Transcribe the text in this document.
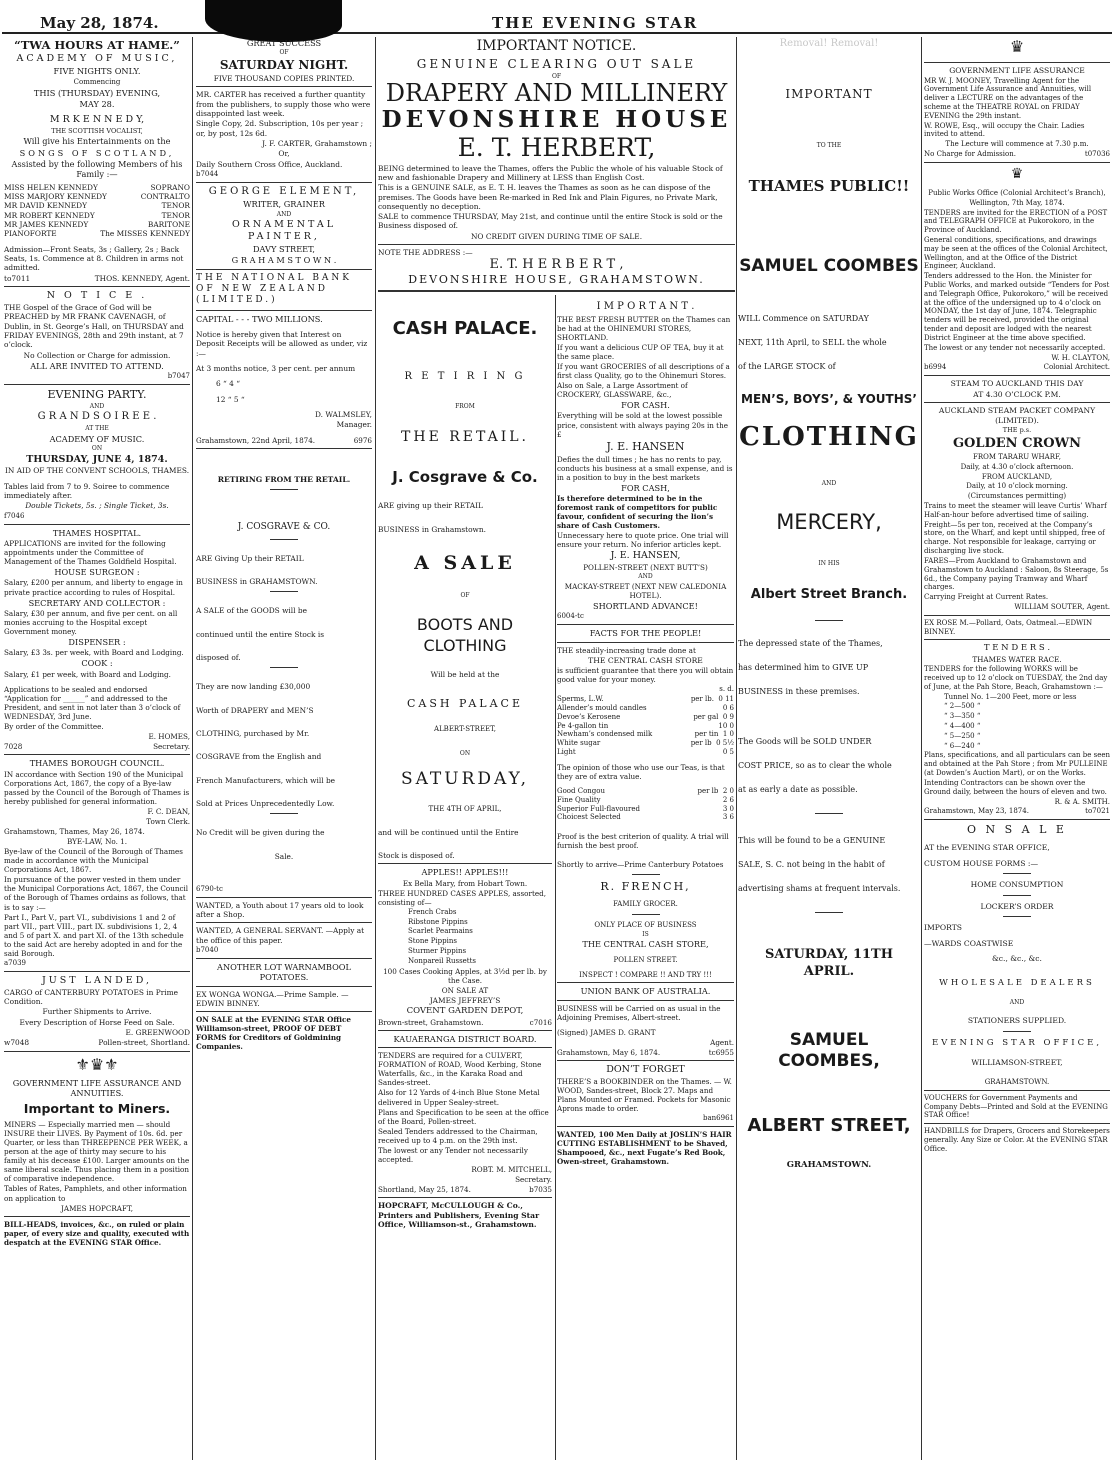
May 28, 1874.	THE EVENING STAR

“TWA HOURS AT HAME.”

ACADEMY OF MUSIC,

FIVE NIGHTS ONLY.

Commencing

THIS (THURSDAY) EVENING,

MAY 28.

M R K E N N E D Y,

THE SCOTTISH VOCALIST,

Will give his Entertainments on the

SONGS OF SCOTLAND,

Assisted by the following Members of his Family :—

MISS HELEN KENNEDY	SOPRANO
MISS MARJORY KENNEDY	CONTRALTO
MR DAVID KENNEDY	TENOR
MR ROBERT KENNEDY	TENOR
MR JAMES KENNEDY	BARITONE
PIANOFORTE	The MISSES KENNEDY

Admission—Front Seats, 3s ; Gallery, 2s ; Back Seats, 1s. Commence at 8. Children in arms not admitted.

to7011	THOS. KENNEDY, Agent.

N O T I C E .

THE Gospel of the Grace of God will be PREACHED by MR FRANK CAVENAGH, of Dublin, in St. George’s Hall, on THURSDAY and FRIDAY EVENINGS, 28th and 29th instant, at 7 o’clock.

No Collection or Charge for admission.

ALL ARE INVITED TO ATTEND.

b7047

EVENING PARTY.

AND

G R A N D S O I R E E .

AT THE

ACADEMY OF MUSIC.

ON

THURSDAY, JUNE 4, 1874.

IN AID OF THE CONVENT SCHOOLS, THAMES.

Tables laid from 7 to 9. Soiree to commence immediately after.

Double Tickets, 5s. ; Single Ticket, 3s.

f7046

THAMES HOSPITAL.

APPLICATIONS are invited for the following appointments under the Committee of Management of the Thames Goldfield Hospital.

HOUSE SURGEON :

Salary, £200 per annum, and liberty to engage in private practice according to rules of Hospital.

SECRETARY AND COLLECTOR :

Salary, £30 per annum, and five per cent. on all monies accruing to the Hospital except Government money.

DISPENSER :

Salary, £3 3s. per week, with Board and Lodging.

COOK :

Salary, £1 per week, with Board and Lodging.

Applications to be sealed and endorsed “Application for ______” and addressed to the President, and sent in not later than 3 o’clock of WEDNESDAY, 3rd June.

By order of the Committee.

E. HOMES,

7028	Secretary.

THAMES BOROUGH COUNCIL.

IN accordance with Section 190 of the Municipal Corporations Act, 1867, the copy of a Bye-law passed by the Council of the Borough of Thames is hereby published for general information.

F. C. DEAN,

Town Clerk.

Grahamstown, Thames, May 26, 1874.

BYE-LAW, No. 1.

Bye-law of the Council of the Borough of Thames made in accordance with the Municipal Corporations Act, 1867.

In pursuance of the power vested in them under the Municipal Corporations Act, 1867, the Council of the Borough of Thames ordains as follows, that is to say :—

Part I., Part V., part VI., subdivisions 1 and 2 of part VII., part VIII., part IX. subdivisions 1, 2, 4 and 5 of part X. and part XI. of the 13th schedule to the said Act are hereby adopted in and for the said Borough.

a7039

JUST LANDED,

CARGO of CANTERBURY POTATOES in Prime Condition.

Further Shipments to Arrive.

Every Description of Horse Feed on Sale.

E. GREENWOOD

w7048	Pollen-street, Shortland.
⚜♛⚜

GOVERNMENT LIFE ASSURANCE AND ANNUITIES.

Important to Miners.

MINERS — Especially married men — should INSURE their LIVES. By Payment of 10s. 6d. per Quarter, or less than THREEPENCE PER WEEK, a person at the age of thirty may secure to his family at his decease £100. Larger amounts on the same liberal scale. Thus placing them in a position of comparative independence.

Tables of Rates, Pamphlets, and other information on application to

JAMES HOPCRAFT,

BILL-HEADS, invoices, &c., on ruled or plain paper, of every size and quality, executed with despatch at the EVENING STAR Office.

GREAT SUCCESS

OF

SATURDAY NIGHT.

FIVE THOUSAND COPIES PRINTED.

MR. CARTER has received a further quantity from the publishers, to supply those who were disappointed last week.

Single Copy, 2d. Subscription, 10s per year ; or, by post, 12s 6d.

J. F. CARTER, Grahamstown ;

Or,

Daily Southern Cross Office, Auckland.

b7044

GEORGE ELEMENT,

WRITER, GRAINER

AND

ORNAMENTAL PAINTER,

DAVY STREET,

G R A H A M S T O W N .

THE NATIONAL BANK OF NEW ZEALAND (LIMITED.)

CAPITAL - - - TWO MILLIONS.

Notice is hereby given that Interest on Deposit Receipts will be allowed as under, viz :—

At 3 months notice, 3 per cent. per annum

6 “ 4 “

12 “ 5 “

D. WALMSLEY,

Manager.

Grahamstown, 22nd April, 1874.	6976

RETIRING FROM THE RETAIL.

J. COSGRAVE & CO.

ARE Giving Up their RETAIL

BUSINESS in GRAHAMSTOWN.

A SALE of the GOODS will be

continued until the entire Stock is

disposed of.

They are now landing £30,000

Worth of DRAPERY and MEN’S

CLOTHING, purchased by Mr.

COSGRAVE from the English and

French Manufacturers, which will be

Sold at Prices Unprecedentedly Low.

No Credit will be given during the

Sale.

6790-tc

WANTED, a Youth about 17 years old to look after a Shop.

WANTED, A GENERAL SERVANT. —Apply at the office of this paper.

b7040

ANOTHER LOT WARNAMBOOL POTATOES.

EX WONGA WONGA.—Prime Sample. —EDWIN BINNEY.

ON SALE at the EVENING STAR Office Williamson-street, PROOF OF DEBT FORMS for Creditors of Goldmining Companies.

IMPORTANT NOTICE.

GENUINE CLEARING OUT SALE

OF

DRAPERY AND MILLINERY

DEVONSHIRE HOUSE

E. T. HERBERT,

BEING determined to leave the Thames, offers the Public the whole of his valuable Stock of new and fashionable Drapery and Millinery at LESS than English Cost.

This is a GENUINE SALE, as E. T. H. leaves the Thames as soon as he can dispose of the premises. The Goods have been Re-marked in Red Ink and Plain Figures, no Private Mark, consequently no deception.

SALE to commence THURSDAY, May 21st, and continue until the entire Stock is sold or the Business disposed of.

NO CREDIT GIVEN DURING TIME OF SALE.

NOTE THE ADDRESS :—

E. T. H E R B E R T ,

DEVONSHIRE HOUSE, GRAHAMSTOWN.

CASH PALACE.

R E T I R I N G

FROM

THE RETAIL.

J. Cosgrave & Co.

ARE giving up their RETAIL

BUSINESS in Grahamstown.

A SALE

OF

BOOTS AND CLOTHING

Will be held at the

CASH PALACE

ALBERT-STREET,

ON

SATURDAY,

THE 4TH OF APRIL,

and will be continued until the Entire

Stock is disposed of.

APPLES!! APPLES!!!

Ex Bella Mary, from Hobart Town.

THREE HUNDRED CASES APPLES, assorted, consisting of—

French Crabs

Ribstone Pippins

Scarlet Pearmains

Stone Pippins

Sturmer Pippins

Nonpareil Russetts

100 Cases Cooking Apples, at 3½d per lb. by the Case.

ON SALE AT

JAMES JEFFREY’S

COVENT GARDEN DEPOT,

Brown-street, Grahamstown.	c7016

KAUAERANGA DISTRICT BOARD.

TENDERS are required for a CULVERT, FORMATION of ROAD, Wood Kerbing, Stone Waterfalls, &c., in the Karaka Road and Sandes-street.

Also for 12 Yards of 4-inch Blue Stone Metal delivered in Upper Sealey-street.

Plans and Specification to be seen at the office of the Board, Pollen-street.

Sealed Tenders addressed to the Chairman, received up to 4 p.m. on the 29th inst.

The lowest or any Tender not necessarily accepted.

ROBT. M. MITCHELL,

Secretary.

Shortland, May 25, 1874.	b7035

HOPCRAFT, McCULLOUGH & Co., Printers and Publishers, Evening Star Office, Williamson-st., Grahamstown.

I M P O R T A N T .

THE BEST FRESH BUTTER on the Thames can be had at the OHINEMURI STORES, SHORTLAND.

If you want a delicious CUP OF TEA, buy it at the same place.

If you want GROCERIES of all descriptions of a first class Quality, go to the Ohinemuri Stores.

Also on Sale, a Large Assortment of CROCKERY, GLASSWARE, &c.,

FOR CASH.

Everything will be sold at the lowest possible price, consistent with always paying 20s in the £

J. E. HANSEN

Defies the dull times ; he has no rents to pay, conducts his business at a small expense, and is in a position to buy in the best markets

FOR CASH,

Is therefore determined to be in the foremost rank of competitors for public favour, confident of securing the lion’s share of Cash Customers.

Unnecessary here to quote price. One trial will ensure your return. No inferior articles kept.

J. E. HANSEN,

POLLEN-STREET (NEXT BUTT’S)

AND

MACKAY-STREET (NEXT NEW CALEDONIA HOTEL).

SHORTLAND ADVANCE!

6004-tc

FACTS FOR THE PEOPLE!

THE steadily-increasing trade done at

THE CENTRAL CASH STORE

is sufficient guarantee that there you will obtain good value for your money.

s. d.

Sperms, L.W.	per lb. 0 11
Allender’s mould candles	0 6
Devoe’s Kerosene	per gal 0 9
Pe 4-gallon tin	10 0
Newham’s condensed milk	per tin 1 0
White sugar	per lb 0 5½
Light	0 5

The opinion of those who use our Teas, is that they are of extra value.

Good Congou	per lb 2 0
Fine Quality	2 6
Superior Full-flavoured	3 0
Choicest Selected	3 6

Proof is the best criterion of quality. A trial will furnish the best proof.

Shortly to arrive—Prime Canterbury Potatoes

R. FRENCH,

FAMILY GROCER.

ONLY PLACE OF BUSINESS

IS

THE CENTRAL CASH STORE,

POLLEN STREET.

INSPECT ! COMPARE !! AND TRY !!!

UNION BANK OF AUSTRALIA.

BUSINESS will be Carried on as usual in the Adjoining Premises, Albert-street.

(Signed) JAMES D. GRANT

Agent.

Grahamstown, May 6, 1874.	tc6955

DON’T FORGET

THERE’S a BOOKBINDER on the Thames. — W. WOOD, Sandes-street, Block 27. Maps and Plans Mounted or Framed. Pockets for Masonic Aprons made to order.

ban6961

WANTED, 100 Men Daily at JOSLIN’S HAIR CUTTING ESTABLISHMENT to be Shaved, Shampooed, &c., next Fugate’s Red Book, Owen-street, Grahamstown.

Removal! Removal!

IMPORTANT

TO THE

THAMES PUBLIC!!

SAMUEL COOMBES

WILL Commence on SATURDAY

NEXT, 11th April, to SELL the whole

of the LARGE STOCK of

MEN’S, BOYS’, & YOUTHS’

CLOTHING

AND

MERCERY,

IN HIS

Albert Street Branch.

The depressed state of the Thames,

has determined him to GIVE UP

BUSINESS in these premises.

The Goods will be SOLD UNDER

COST PRICE, so as to clear the whole

at as early a date as possible.

This will be found to be a GENUINE

SALE, S. C. not being in the habit of

advertising shams at frequent intervals.

SATURDAY, 11TH APRIL.

SAMUEL COOMBES,

ALBERT STREET,

GRAHAMSTOWN.

♛

GOVERNMENT LIFE ASSURANCE

MR W. J. MOONEY, Travelling Agent for the Government Life Assurance and Annuities, will deliver a LECTURE on the advantages of the scheme at the THEATRE ROYAL on FRIDAY EVENING the 29th instant.

W. ROWE, Esq., will occupy the Chair. Ladies invited to attend.

The Lecture will commence at 7.30 p.m.

No Charge for Admission.	t07036
♛

Public Works Office (Colonial Architect’s Branch),

Wellington, 7th May, 1874.

TENDERS are invited for the ERECTION of a POST and TELEGRAPH OFFICE at Pukorokoro, in the Province of Auckland.

General conditions, specifications, and drawings may be seen at the offices of the Colonial Architect, Wellington, and at the Office of the District Engineer, Auckland.

Tenders addressed to the Hon. the Minister for Public Works, and marked outside “Tenders for Post and Telegraph Office, Pukorokoro,” will be received at the office of the undersigned up to 4 o’clock on MONDAY, the 1st day of June, 1874. Telegraphic tenders will be received, provided the original tender and deposit are lodged with the nearest District Engineer at the time above specified.

The lowest or any tender not necessarily accepted.

W. H. CLAYTON,

b6994	Colonial Architect.

STEAM TO AUCKLAND THIS DAY

AT 4.30 O’CLOCK P.M.

AUCKLAND STEAM PACKET COMPANY (LIMITED).

THE p.s.

GOLDEN CROWN

FROM TARARU WHARF,

Daily, at 4.30 o’clock afternoon.

FROM AUCKLAND,

Daily, at 10 o’clock morning.

(Circumstances permitting)

Trains to meet the steamer will leave Curtis’ Wharf Half-an-hour before advertised time of sailing.

Freight—5s per ton, received at the Company’s store, on the Wharf, and kept until shipped, free of charge. Not responsible for leakage, carrying or discharging live stock.

FARES—From Auckland to Grahamstown and Grahamstown to Auckland : Saloon, 8s Steerage, 5s 6d., the Company paying Tramway and Wharf charges.

Carrying Freight at Current Rates.

WILLIAM SOUTER, Agent.

EX ROSE M.—Pollard, Oats, Oatmeal.—EDWIN BINNEY.

T E N D E R S .

THAMES WATER RACE.

TENDERS for the following WORKS will be received up to 12 o’clock on TUESDAY, the 2nd day of June, at the Pah Store, Beach, Grahamstown :—

Tunnel No. 1—200 Feet, more or less

“ 2—500 “

“ 3—350 “

“ 4—400 “

“ 5—250 “

“ 6—240 “

Plans, specifications, and all particulars can be seen and obtained at the Pah Store ; from Mr PULLEINE (at Dowden’s Auction Mart), or on the Works.

Intending Contractors can be shown over the Ground daily, between the hours of eleven and two.

R. & A. SMITH.

Grahamstown, May 23, 1874.	to7021

O N S A L E

AT the EVENING STAR OFFICE,

CUSTOM HOUSE FORMS :—

HOME CONSUMPTION

LOCKER’S ORDER

IMPORTS

—WARDS COASTWISE

&c., &c., &c.

WHOLESALE DEALERS

AND

STATIONERS SUPPLIED.

EVENING STAR OFFICE,

WILLIAMSON-STREET,

GRAHAMSTOWN.

VOUCHERS for Government Payments and Company Debts—Printed and Sold at the EVENING STAR Office!

HANDBILLS for Drapers, Grocers and Storekeepers generally. Any Size or Color. At the EVENING STAR Office.
